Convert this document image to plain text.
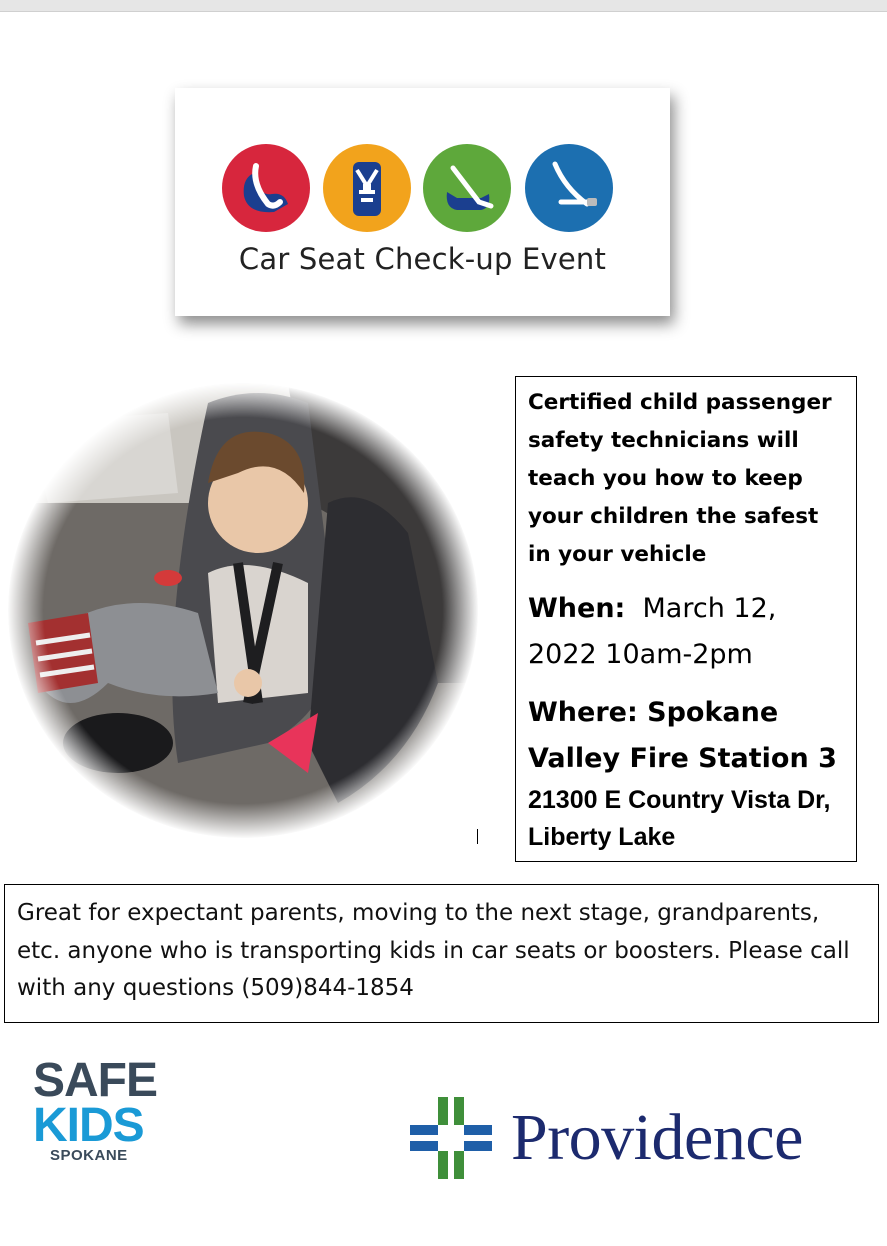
Car Seat Check-up Event

Certified child passenger safety technicians will teach you how to keep your children the safest in your vehicle

When: March 12, 2022 10am-2pm
Where: Spokane Valley Fire Station 3
21300 E Country Vista Dr, Liberty Lake
Great for expectant parents, moving to the next stage, grandparents, etc. anyone who is transporting kids in car seats or boosters. Please call with any questions (509)844-1854
SAFE
KIDS
SPOKANE	Providence
